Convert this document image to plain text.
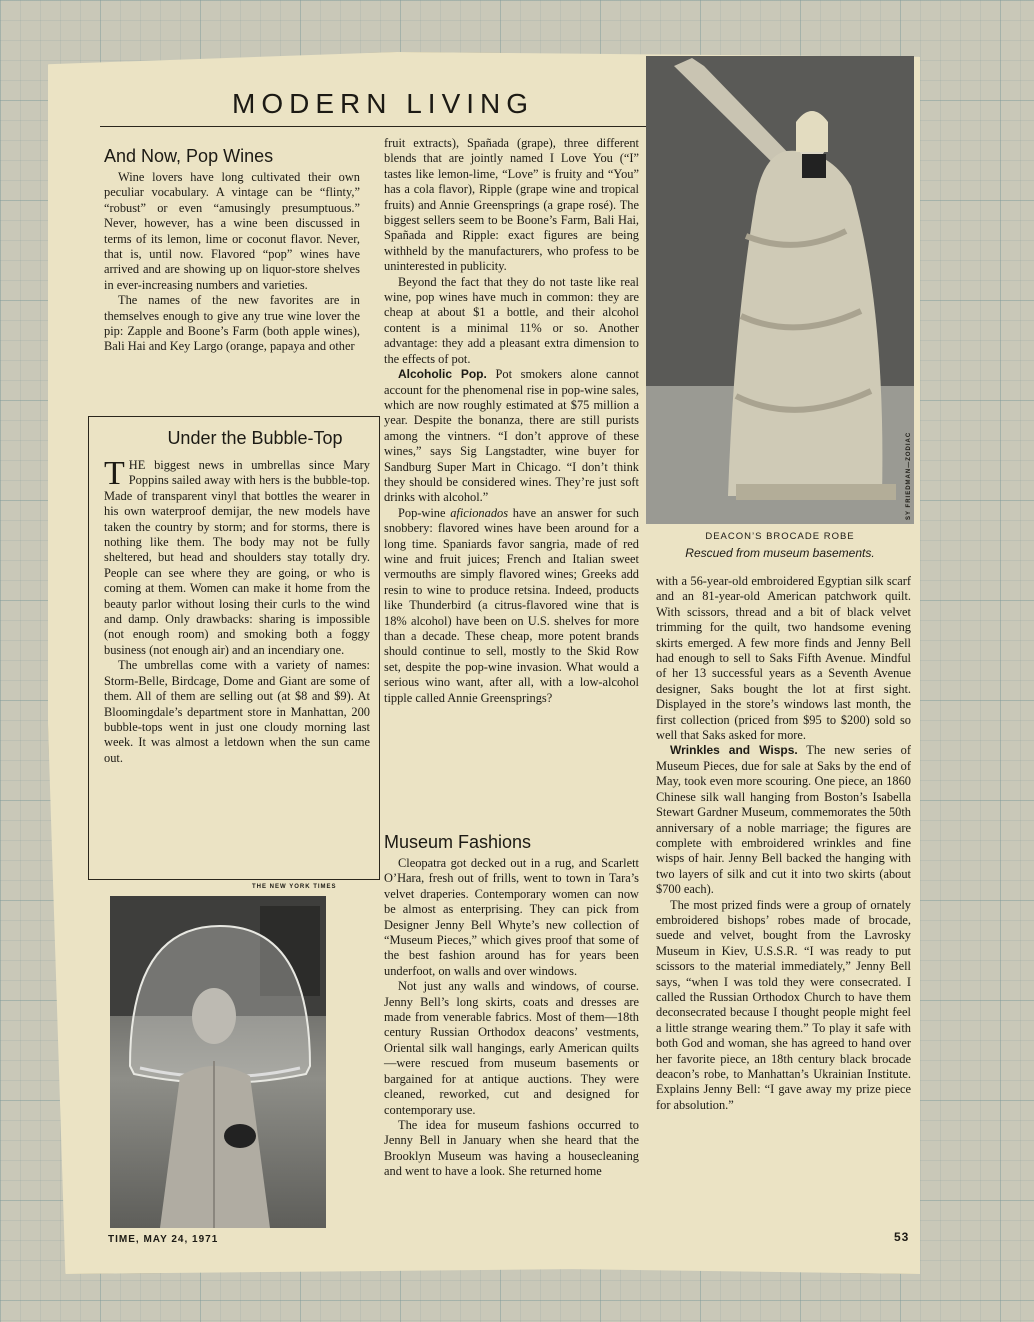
MODERN LIVING
And Now, Pop Wines

Wine lovers have long cultivated their own peculiar vocabulary. A vintage can be “flinty,” “robust” or even “amusingly presumptuous.” Never, however, has a wine been discussed in terms of its lemon, lime or coconut flavor. Never, that is, until now. Flavored “pop” wines have arrived and are showing up on liquor-store shelves in ever-increasing numbers and varieties.

The names of the new favorites are in themselves enough to give any true wine lover the pip: Zapple and Boone’s Farm (both apple wines), Bali Hai and Key Largo (orange, papaya and other

Under the Bubble-Top

THE biggest news in umbrellas since Mary Poppins sailed away with hers is the bubble-top. Made of transparent vinyl that bottles the wearer in his own waterproof demijar, the new models have taken the country by storm; and for storms, there is nothing like them. The body may not be fully sheltered, but head and shoulders stay totally dry. People can see where they are going, or who is coming at them. Women can make it home from the beauty parlor without losing their curls to the wind and damp. Only drawbacks: sharing is impossible (not enough room) and smoking both a foggy business (not enough air) and an incendiary one.

The umbrellas come with a variety of names: Storm-Belle, Birdcage, Dome and Giant are some of them. All of them are selling out (at $8 and $9). At Bloomingdale’s department store in Manhattan, 200 bubble-tops went in just one cloudy morning last week. It was almost a letdown when the sun came out.

THE NEW YORK TIMES

fruit extracts), Spañada (grape), three different blends that are jointly named I Love You (“I” tastes like lemon-lime, “Love” is fruity and “You” has a cola flavor), Ripple (grape wine and tropical fruits) and Annie Greensprings (a grape rosé). The biggest sellers seem to be Boone’s Farm, Bali Hai, Spañada and Ripple: exact figures are being withheld by the manufacturers, who profess to be uninterested in publicity.

Beyond the fact that they do not taste like real wine, pop wines have much in common: they are cheap at about $1 a bottle, and their alcohol content is a minimal 11% or so. Another advantage: they add a pleasant extra dimension to the effects of pot.

Alcoholic Pop. Pot smokers alone cannot account for the phenomenal rise in pop-wine sales, which are now roughly estimated at $75 million a year. Despite the bonanza, there are still purists among the vintners. “I don’t approve of these wines,” says Sig Langstadter, wine buyer for Sandburg Super Mart in Chicago. “I don’t think they should be considered wines. They’re just soft drinks with alcohol.”

Pop-wine aficionados have an answer for such snobbery: flavored wines have been around for a long time. Spaniards favor sangria, made of red wine and fruit juices; French and Italian sweet vermouths are simply flavored wines; Greeks add resin to wine to produce retsina. Indeed, products like Thunderbird (a citrus-flavored wine that is 18% alcohol) have been on U.S. shelves for more than a decade. These cheap, more potent brands should continue to sell, mostly to the Skid Row set, despite the pop-wine invasion. What would a serious wino want, after all, with a low-alcohol tipple called Annie Greensprings?

Museum Fashions

Cleopatra got decked out in a rug, and Scarlett O’Hara, fresh out of frills, went to town in Tara’s velvet draperies. Contemporary women can now be almost as enterprising. They can pick from Designer Jenny Bell Whyte’s new collection of “Museum Pieces,” which gives proof that some of the best fashion around has for years been underfoot, on walls and over windows.

Not just any walls and windows, of course. Jenny Bell’s long skirts, coats and dresses are made from venerable fabrics. Most of them—18th century Russian Orthodox deacons’ vestments, Oriental silk wall hangings, early American quilts—were rescued from museum basements or bargained for at antique auctions. They were cleaned, reworked, cut and designed for contemporary use.

The idea for museum fashions occurred to Jenny Bell in January when she heard that the Brooklyn Museum was having a housecleaning and went to have a look. She returned home

SY FRIEDMAN—ZODIAC
DEACON’S BROCADE ROBE
Rescued from museum basements.

with a 56-year-old embroidered Egyptian silk scarf and an 81-year-old American patchwork quilt. With scissors, thread and a bit of black velvet trimming for the quilt, two handsome evening skirts emerged. A few more finds and Jenny Bell had enough to sell to Saks Fifth Avenue. Mindful of her 13 successful years as a Seventh Avenue designer, Saks bought the lot at first sight. Displayed in the store’s windows last month, the first collection (priced from $95 to $200) sold so well that Saks asked for more.

Wrinkles and Wisps. The new series of Museum Pieces, due for sale at Saks by the end of May, took even more scouring. One piece, an 1860 Chinese silk wall hanging from Boston’s Isabella Stewart Gardner Museum, commemorates the 50th anniversary of a noble marriage; the figures are complete with embroidered wrinkles and fine wisps of hair. Jenny Bell backed the hanging with two layers of silk and cut it into two skirts (about $700 each).

The most prized finds were a group of ornately embroidered bishops’ robes made of brocade, suede and velvet, bought from the Lavrosky Museum in Kiev, U.S.S.R. “I was ready to put scissors to the material immediately,” Jenny Bell says, “when I was told they were consecrated. I called the Russian Orthodox Church to have them deconsecrated because I thought people might feel a little strange wearing them.” To play it safe with both God and woman, she has agreed to hand over her favorite piece, an 18th century black brocade deacon’s robe, to Manhattan’s Ukrainian Institute. Explains Jenny Bell: “I gave away my prize piece for absolution.”

TIME, MAY 24, 1971	53
